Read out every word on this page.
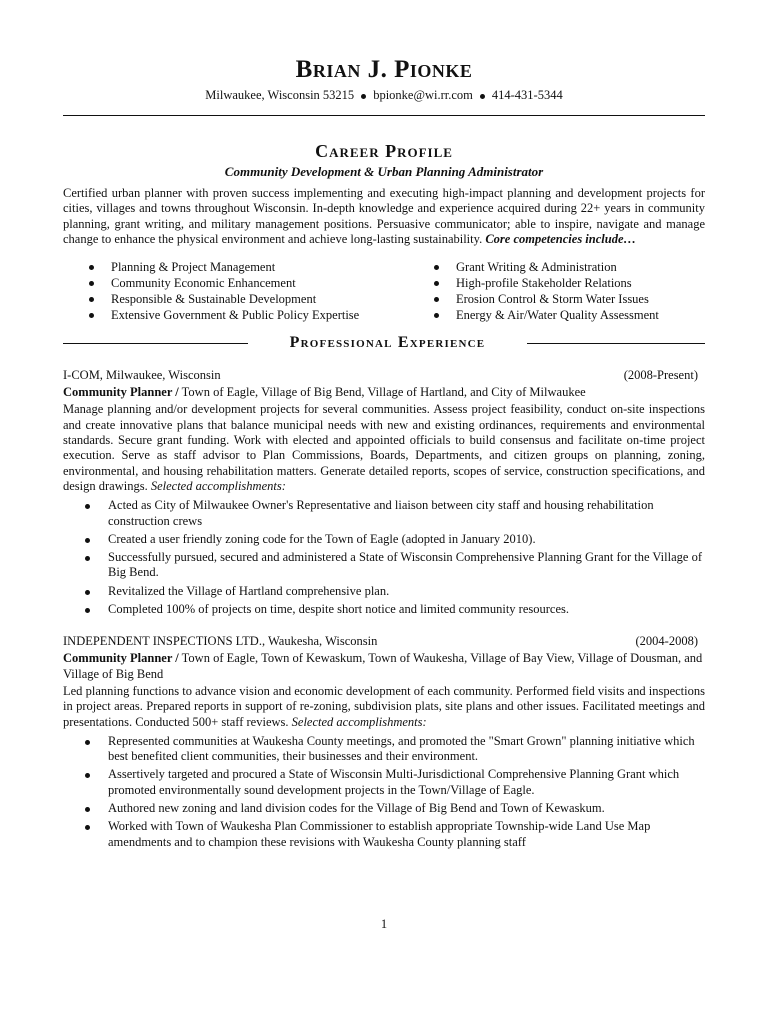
Brian J. Pionke
Milwaukee, Wisconsin 53215 bpionke@wi.rr.com 414-431-5344
Career Profile
Community Development & Urban Planning Administrator

Certified urban planner with proven success implementing and executing high-impact planning and development projects for cities, villages and towns throughout Wisconsin. In-depth knowledge and experience acquired during 22+ years in community planning, grant writing, and military management positions. Persuasive communicator; able to inspire, navigate and manage change to enhance the physical environment and achieve long-lasting sustainability. Core competencies include…

Planning & Project Management
Community Economic Enhancement
Responsible & Sustainable Development
Extensive Government & Public Policy Expertise
Grant Writing & Administration
High-profile Stakeholder Relations
Erosion Control & Storm Water Issues
Energy & Air/Water Quality Assessment
Professional Experience
I-COM, Milwaukee, Wisconsin	(2008-Present)
Community Planner / Town of Eagle, Village of Big Bend, Village of Hartland, and City of Milwaukee

Manage planning and/or development projects for several communities. Assess project feasibility, conduct on-site inspections and create innovative plans that balance municipal needs with new and existing ordinances, requirements and environmental standards. Secure grant funding. Work with elected and appointed officials to build consensus and facilitate on-time project execution. Serve as staff advisor to Plan Commissions, Boards, Departments, and citizen groups on planning, zoning, environmental, and housing rehabilitation matters. Generate detailed reports, scopes of service, construction specifications, and design drawings. Selected accomplishments:

Acted as City of Milwaukee Owner's Representative and liaison between city staff and housing rehabilitation construction crews
Created a user friendly zoning code for the Town of Eagle (adopted in January 2010).
Successfully pursued, secured and administered a State of Wisconsin Comprehensive Planning Grant for the Village of Big Bend.
Revitalized the Village of Hartland comprehensive plan.
Completed 100% of projects on time, despite short notice and limited community resources.
INDEPENDENT INSPECTIONS LTD., Waukesha, Wisconsin	(2004-2008)
Community Planner / Town of Eagle, Town of Kewaskum, Town of Waukesha, Village of Bay View, Village of Dousman, and Village of Big Bend

Led planning functions to advance vision and economic development of each community. Performed field visits and inspections in project areas. Prepared reports in support of re-zoning, subdivision plats, site plans and other issues. Facilitated meetings and presentations. Conducted 500+ staff reviews. Selected accomplishments:

Represented communities at Waukesha County meetings, and promoted the "Smart Grown" planning initiative which best benefited client communities, their businesses and their environment.
Assertively targeted and procured a State of Wisconsin Multi-Jurisdictional Comprehensive Planning Grant which promoted environmentally sound development projects in the Town/Village of Eagle.
Authored new zoning and land division codes for the Village of Big Bend and Town of Kewaskum.
Worked with Town of Waukesha Plan Commissioner to establish appropriate Township-wide Land Use Map amendments and to champion these revisions with Waukesha County planning staff
1
